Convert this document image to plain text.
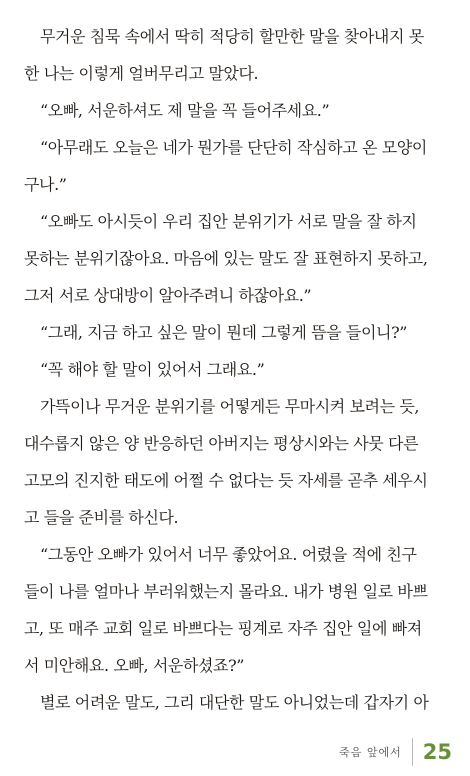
무거운 침묵 속에서 딱히 적당히 할만한 말을 찾아내지 못
한 나는 이렇게 얼버무리고 말았다.
“오빠, 서운하셔도 제 말을 꼭 들어주세요.”
“아무래도 오늘은 네가 뭔가를 단단히 작심하고 온 모양이
구나.”
“오빠도 아시듯이 우리 집안 분위기가 서로 말을 잘 하지
못하는 분위기잖아요. 마음에 있는 말도 잘 표현하지 못하고,
그저 서로 상대방이 알아주려니 하잖아요.”
“그래, 지금 하고 싶은 말이 뭔데 그렇게 뜸을 들이니?”
“꼭 해야 할 말이 있어서 그래요.”
가뜩이나 무거운 분위기를 어떻게든 무마시켜 보려는 듯,
대수롭지 않은 양 반응하던 아버지는 평상시와는 사뭇 다른
고모의 진지한 태도에 어쩔 수 없다는 듯 자세를 곧추 세우시
고 들을 준비를 하신다.
“그동안 오빠가 있어서 너무 좋았어요. 어렸을 적에 친구
들이 나를 얼마나 부러워했는지 몰라요. 내가 병원 일로 바쁘
고, 또 매주 교회 일로 바쁘다는 핑계로 자주 집안 일에 빠져
서 미안해요. 오빠, 서운하셨죠?”
별로 어려운 말도, 그리 대단한 말도 아니었는데 갑자기 아
죽음 앞에서 25
